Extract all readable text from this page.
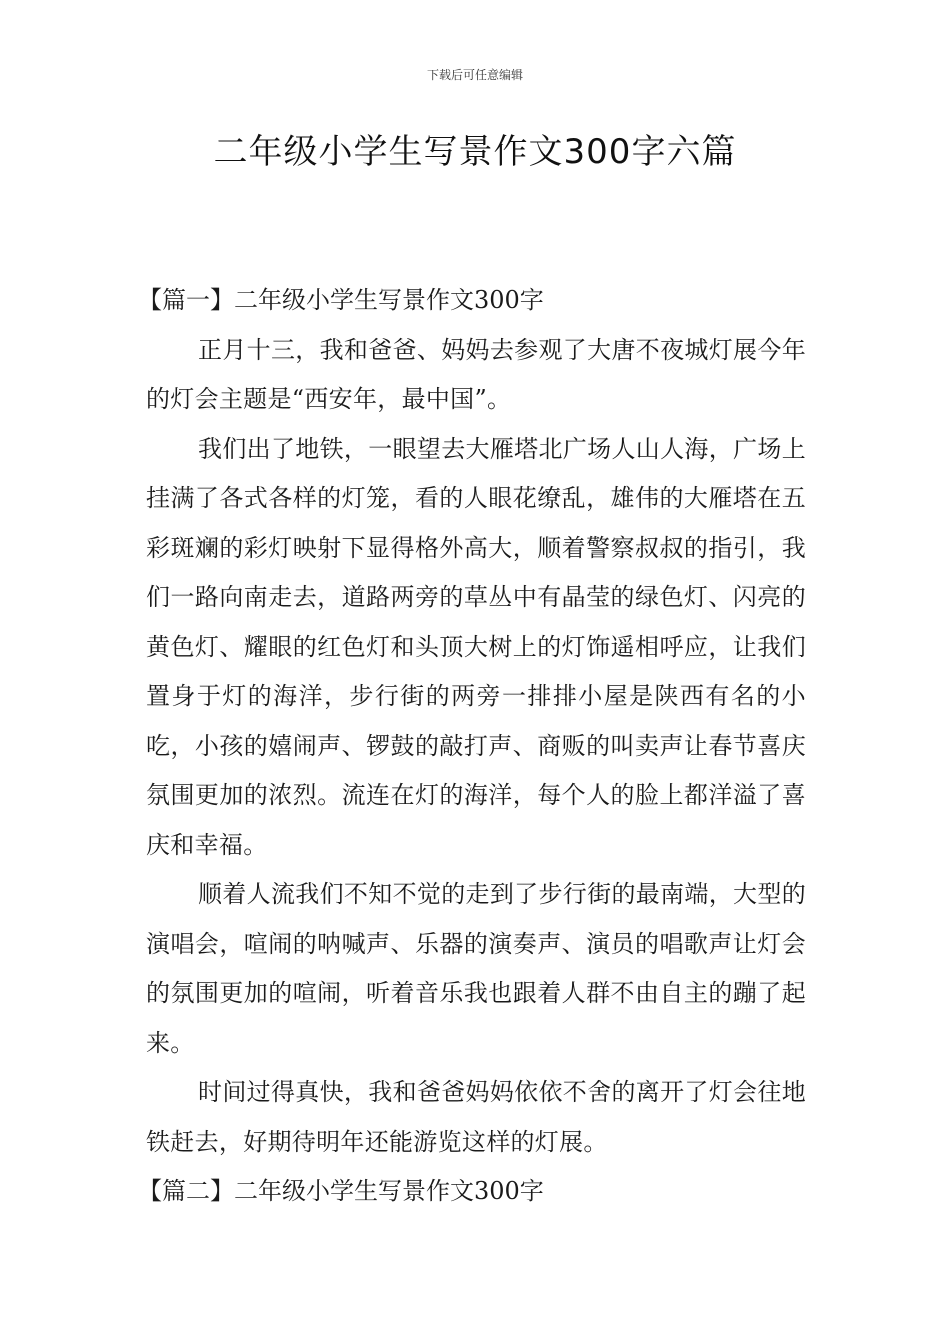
下载后可任意编辑
二年级小学生写景作文300字六篇

【篇一】二年级小学生写景作文300字

正月十三，我和爸爸、妈妈去参观了大唐不夜城灯展今年的灯会主题是“西安年，最中国”。

我们出了地铁，一眼望去大雁塔北广场人山人海，广场上挂满了各式各样的灯笼，看的人眼花缭乱，雄伟的大雁塔在五彩斑斓的彩灯映射下显得格外高大，顺着警察叔叔的指引，我们一路向南走去，道路两旁的草丛中有晶莹的绿色灯、闪亮的黄色灯、耀眼的红色灯和头顶大树上的灯饰遥相呼应，让我们置身于灯的海洋，步行街的两旁一排排小屋是陕西有名的小吃，小孩的嬉闹声、锣鼓的敲打声、商贩的叫卖声让春节喜庆氛围更加的浓烈。流连在灯的海洋，每个人的脸上都洋溢了喜庆和幸福。

顺着人流我们不知不觉的走到了步行街的最南端，大型的演唱会，喧闹的呐喊声、乐器的演奏声、演员的唱歌声让灯会的氛围更加的喧闹，听着音乐我也跟着人群不由自主的蹦了起来。

时间过得真快，我和爸爸妈妈依依不舍的离开了灯会往地铁赶去，好期待明年还能游览这样的灯展。

【篇二】二年级小学生写景作文300字
